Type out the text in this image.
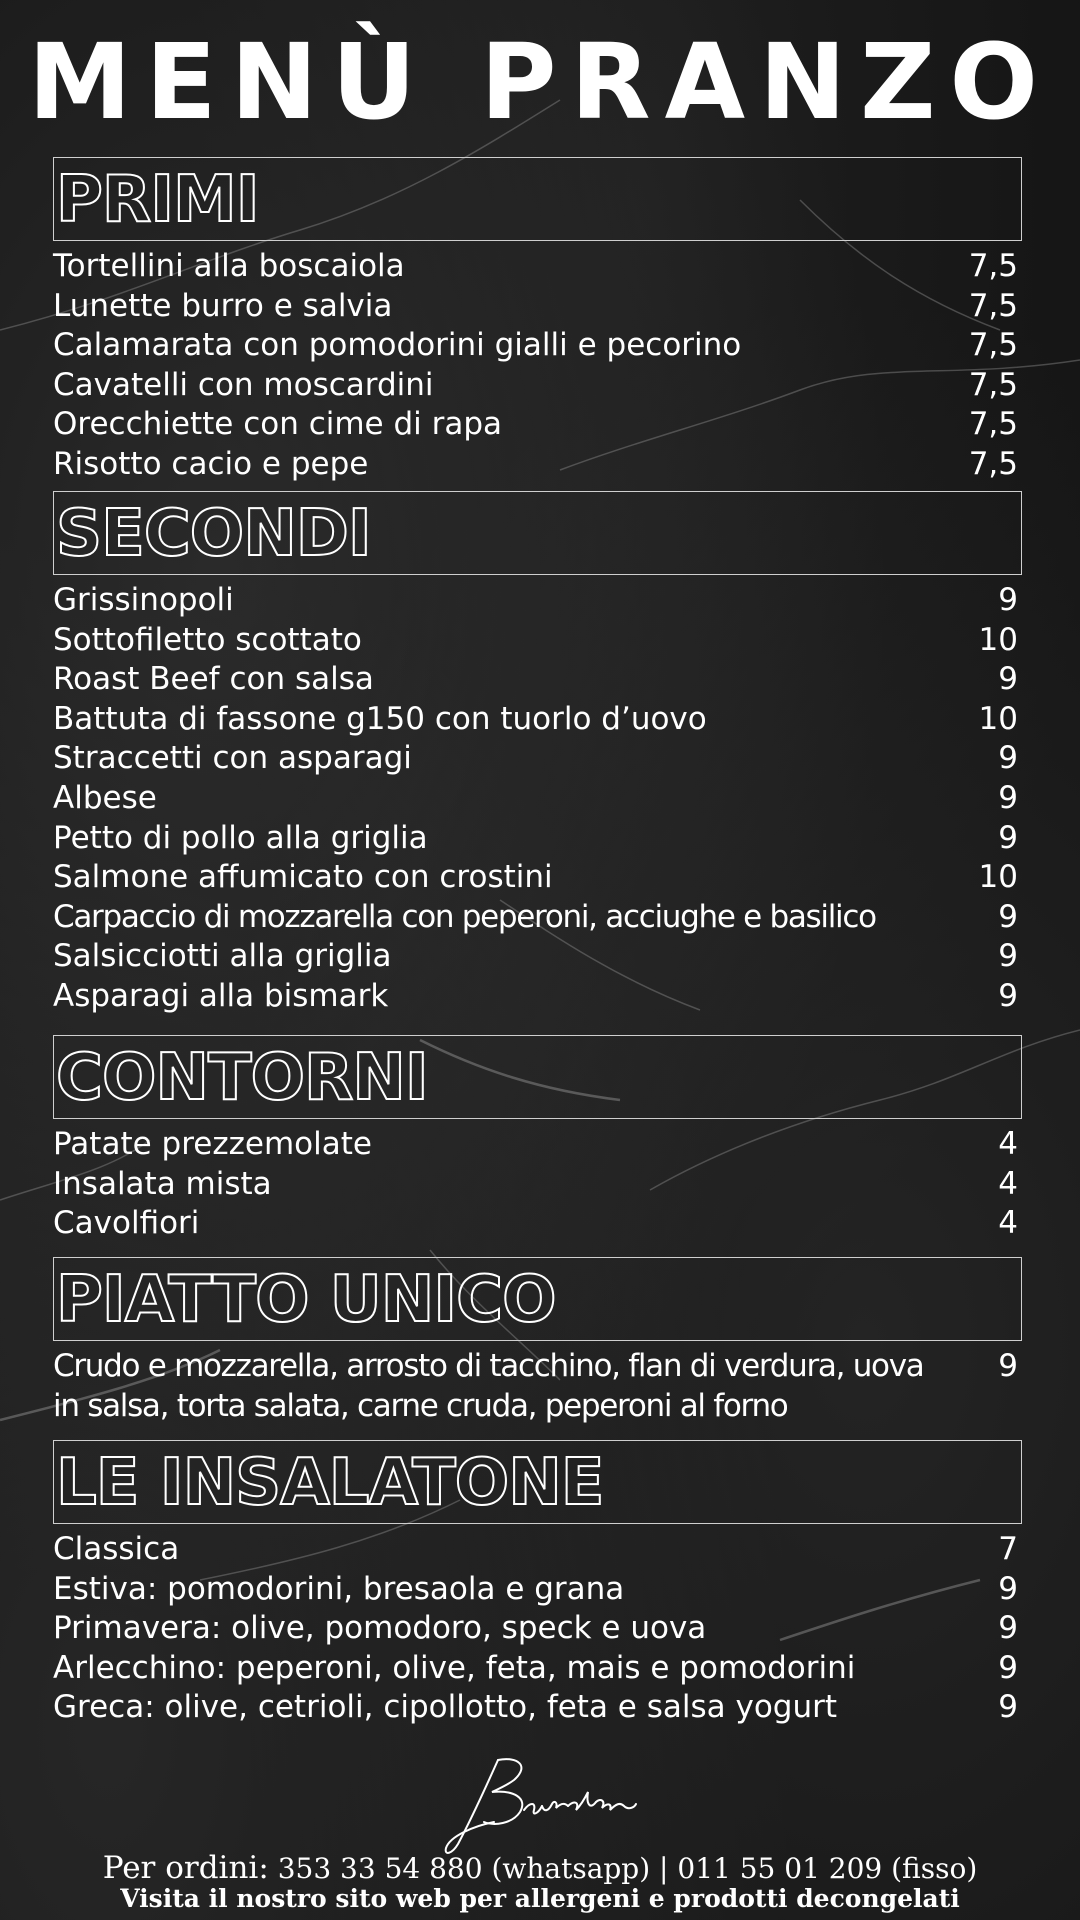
MENÙ PRANZO
PRIMI
Tortellini alla boscaiola	7,5
Lunette burro e salvia	7,5
Calamarata con pomodorini gialli e pecorino	7,5
Cavatelli con moscardini	7,5
Orecchiette con cime di rapa	7,5
Risotto cacio e pepe	7,5
SECONDI
Grissinopoli	9
Sottofiletto scottato	10
Roast Beef con salsa	9
Battuta di fassone g150 con tuorlo d’uovo	10
Straccetti con asparagi	9
Albese	9
Petto di pollo alla griglia	9
Salmone affumicato con crostini	10
Carpaccio di mozzarella con peperoni, acciughe e basilico	9
Salsicciotti alla griglia	9
Asparagi alla bismark	9
CONTORNI
Patate prezzemolate	4
Insalata mista	4
Cavolfiori	4
PIATTO UNICO
Crudo e mozzarella, arrosto di tacchino, flan di verdura, uova in salsa, torta salata, carne cruda, peperoni al forno
9
LE INSALATONE
Classica	7
Estiva: pomodorini, bresaola e grana	9
Primavera: olive, pomodoro, speck e uova	9
Arlecchino: peperoni, olive, feta, mais e pomodorini	9
Greca: olive, cetrioli, cipollotto, feta e salsa yogurt	9
Per ordini: 353 33 54 880 (whatsapp) | 011 55 01 209 (fisso)
Visita il nostro sito web per allergeni e prodotti decongelati
